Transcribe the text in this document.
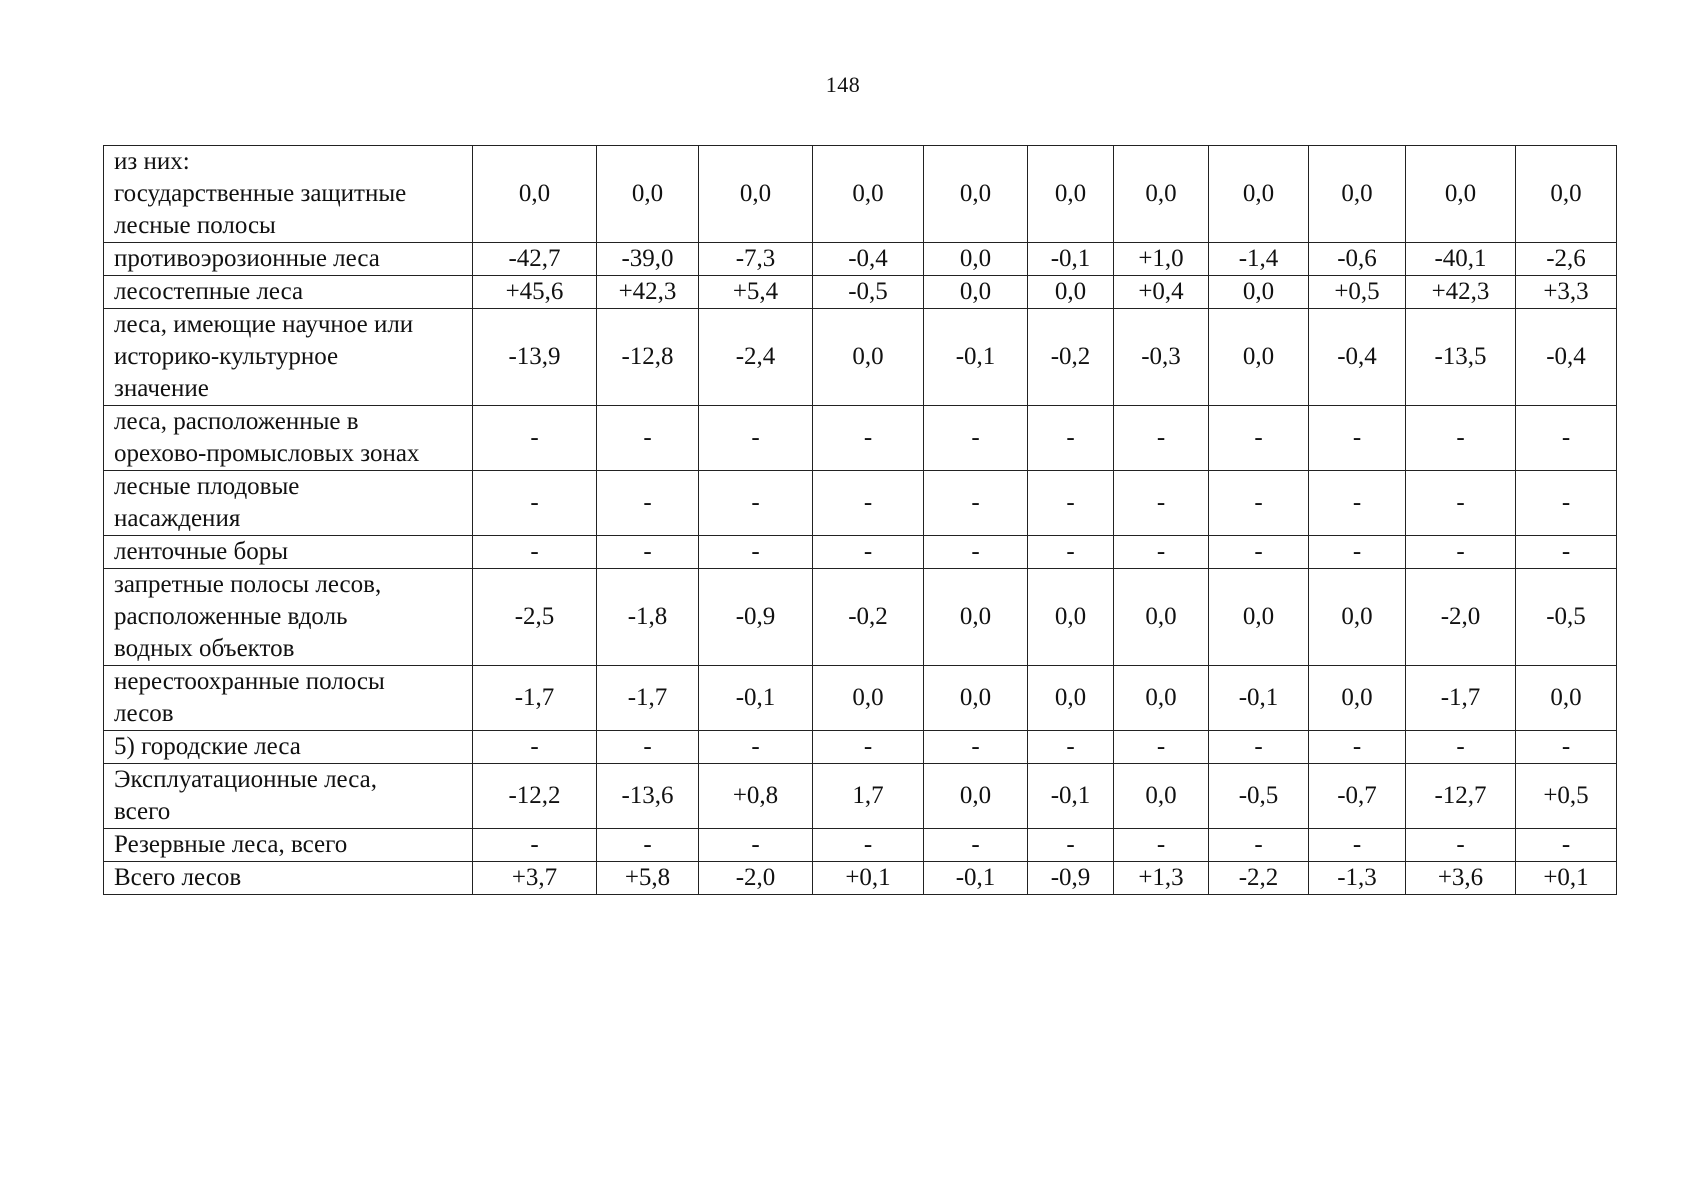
148
из них:
государственные защитные
лесные полосы	0,0	0,0	0,0	0,0	0,0	0,0	0,0	0,0	0,0	0,0	0,0
противоэрозионные леса	-42,7	-39,0	-7,3	-0,4	0,0	-0,1	+1,0	-1,4	-0,6	-40,1	-2,6
лесостепные леса	+45,6	+42,3	+5,4	-0,5	0,0	0,0	+0,4	0,0	+0,5	+42,3	+3,3
леса, имеющие научное или
историко-культурное
значение	-13,9	-12,8	-2,4	0,0	-0,1	-0,2	-0,3	0,0	-0,4	-13,5	-0,4
леса, расположенные в
орехово-промысловых зонах	-	-	-	-	-	-	-	-	-	-	-
лесные плодовые
насаждения	-	-	-	-	-	-	-	-	-	-	-
ленточные боры	-	-	-	-	-	-	-	-	-	-	-
запретные полосы лесов,
расположенные вдоль
водных объектов	-2,5	-1,8	-0,9	-0,2	0,0	0,0	0,0	0,0	0,0	-2,0	-0,5
нерестоохранные полосы
лесов	-1,7	-1,7	-0,1	0,0	0,0	0,0	0,0	-0,1	0,0	-1,7	0,0
5) городские леса	-	-	-	-	-	-	-	-	-	-	-
Эксплуатационные леса,
всего	-12,2	-13,6	+0,8	1,7	0,0	-0,1	0,0	-0,5	-0,7	-12,7	+0,5
Резервные леса, всего	-	-	-	-	-	-	-	-	-	-	-
Всего лесов	+3,7	+5,8	-2,0	+0,1	-0,1	-0,9	+1,3	-2,2	-1,3	+3,6	+0,1
